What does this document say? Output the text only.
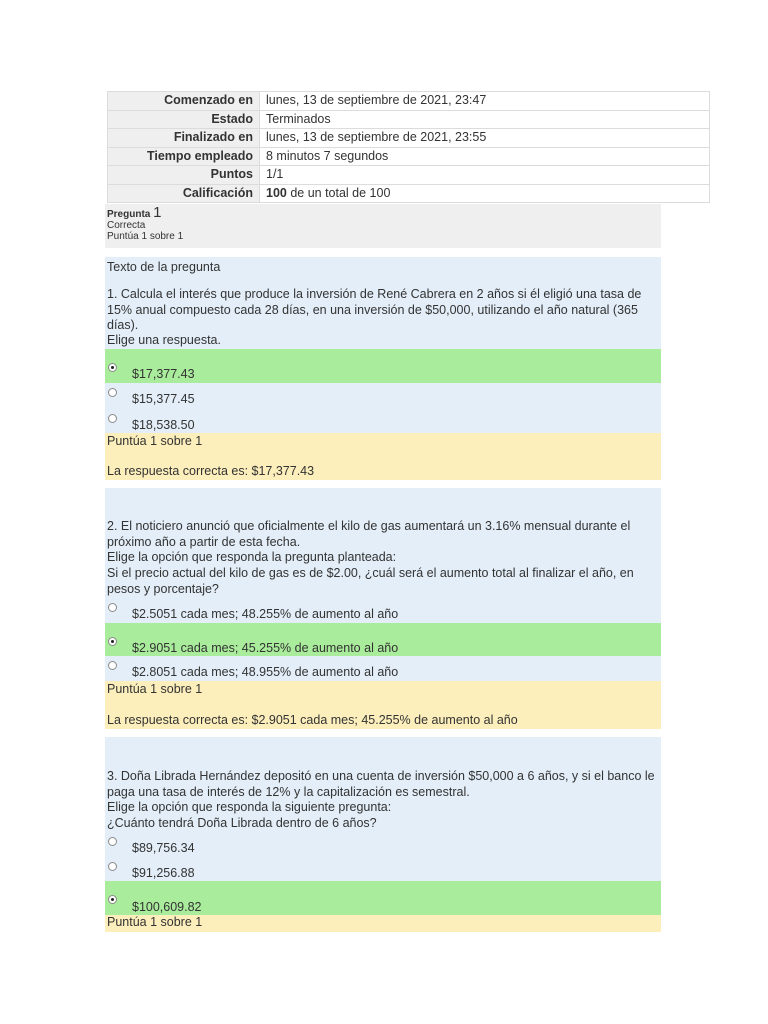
Comenzado en	lunes, 13 de septiembre de 2021, 23:47
Estado	Terminados
Finalizado en	lunes, 13 de septiembre de 2021, 23:55
Tiempo empleado	8 minutos 7 segundos
Puntos	1/1
Calificación	100 de un total de 100
Pregunta 1
Correcta
Puntúa 1 sobre 1
Texto de la pregunta
1. Calcula el interés que produce la inversión de René Cabrera en 2 años si él eligió una tasa de 15% anual compuesto cada 28 días, en una inversión de $50,000, utilizando el año natural (365 días).
Elige una respuesta.
$17,377.43
$15,377.45
$18,538.50
Puntúa 1 sobre 1
La respuesta correcta es: $17,377.43
2. El noticiero anunció que oficialmente el kilo de gas aumentará un 3.16% mensual durante el próximo año a partir de esta fecha.
Elige la opción que responda la pregunta planteada:
Si el precio actual del kilo de gas es de $2.00, ¿cuál será el aumento total al finalizar el año, en pesos y porcentaje?
$2.5051 cada mes; 48.255% de aumento al año
$2.9051 cada mes; 45.255% de aumento al año
$2.8051 cada mes; 48.955% de aumento al año
Puntúa 1 sobre 1
La respuesta correcta es: $2.9051 cada mes; 45.255% de aumento al año
3. Doña Librada Hernández depositó en una cuenta de inversión $50,000 a 6 años, y si el banco le paga una tasa de interés de 12% y la capitalización es semestral.
Elige la opción que responda la siguiente pregunta:
¿Cuánto tendrá Doña Librada dentro de 6 años?
$89,756.34
$91,256.88
$100,609.82
Puntúa 1 sobre 1
